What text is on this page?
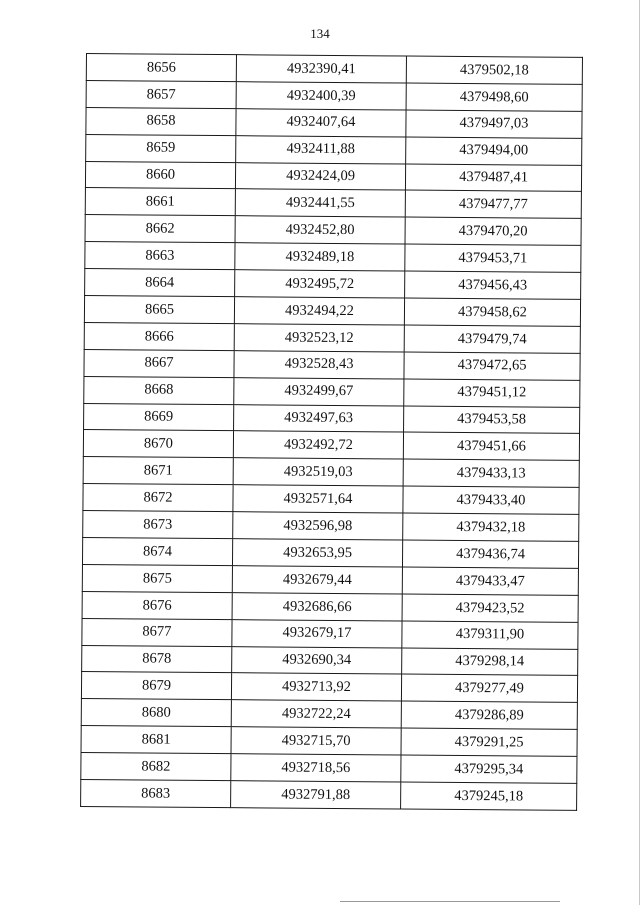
134
8656	4932390,41	4379502,18
8657	4932400,39	4379498,60
8658	4932407,64	4379497,03
8659	4932411,88	4379494,00
8660	4932424,09	4379487,41
8661	4932441,55	4379477,77
8662	4932452,80	4379470,20
8663	4932489,18	4379453,71
8664	4932495,72	4379456,43
8665	4932494,22	4379458,62
8666	4932523,12	4379479,74
8667	4932528,43	4379472,65
8668	4932499,67	4379451,12
8669	4932497,63	4379453,58
8670	4932492,72	4379451,66
8671	4932519,03	4379433,13
8672	4932571,64	4379433,40
8673	4932596,98	4379432,18
8674	4932653,95	4379436,74
8675	4932679,44	4379433,47
8676	4932686,66	4379423,52
8677	4932679,17	4379311,90
8678	4932690,34	4379298,14
8679	4932713,92	4379277,49
8680	4932722,24	4379286,89
8681	4932715,70	4379291,25
8682	4932718,56	4379295,34
8683	4932791,88	4379245,18
